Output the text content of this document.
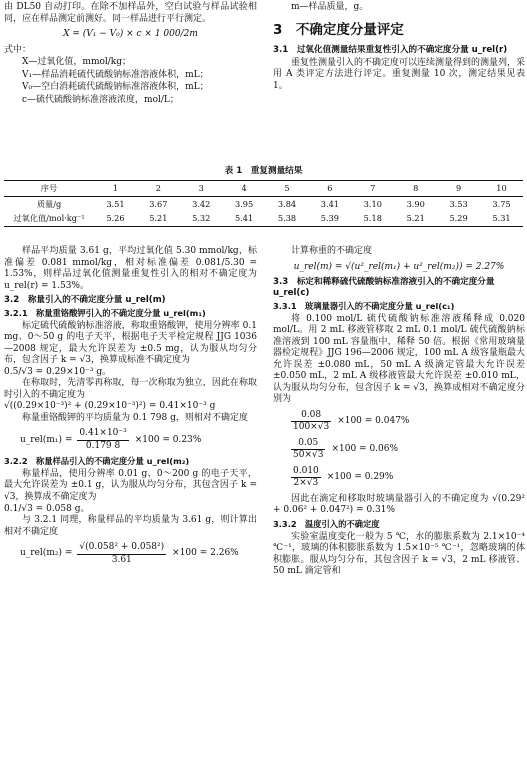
由 DL50 自动打印。在除不加样品外，空白试验与样品试验相同，应在样品测定前测好。同一样品进行平行测定。

X = (V₁ − V₀) × c × 1 000/2m

式中：

X—过氧化值，mmol/kg；

V₁—样品消耗硫代硫酸钠标准溶液体积，mL；

V₀—空白消耗硫代硫酸钠标准溶液体积，mL；

c—硫代硫酸钠标准溶液浓度，mol/L；

m—样品质量，g。

3　不确定度分量评定

3.1　过氧化值测量结果重复性引入的不确定度分量 u_rel(r)

重复性测量引入的不确定度可以连续测量得到的测量列，采用 A 类评定方法进行评定。重复测量 10 次，测定结果见表 1。

表 1　重复测量结果
序号	1	2	3	4	5	6	7	8	9	10
质量/g	3.51	3.67	3.42	3.95	3.84	3.41	3.10	3.90	3.53	3.75
过氧化值/mol·kg⁻¹	5.26	5.21	5.32	5.41	5.38	5.39	5.18	5.21	5.29	5.31

样品平均质量 3.61 g，平均过氧化值 5.30 mmol/kg，标准偏差 0.081 mmol/kg，相对标准偏差 0.081/5.30 = 1.53%，则样品过氧化值测量重复性引入的相对不确定度为 u_rel(r) = 1.53%。

3.2　称量引入的不确定度分量 u_rel(m)

3.2.1　称量重铬酸钾引入的不确定度分量 u_rel(m₁)

标定硫代硫酸钠标准溶液，称取重铬酸钾，使用分辨率 0.1 mg、0～50 g 的电子天平，根据电子天平检定规程 JJG 1036—2008 规定，最大允许误差为 ±0.5 mg，认为服从均匀分布，包含因子 k = √3，换算成标准不确定度为

0.5/√3 = 0.29×10⁻³ g。

在称取时，先清零再称取，每一次称取为独立，因此在称取时引入的不确定度为

√((0.29×10⁻³)² + (0.29×10⁻³)²) = 0.41×10⁻³ g

称量重铬酸钾的平均质量为 0.1 798 g，则相对不确定度

u_rel(m₁) = $\frac{\text{0.41×10⁻³}}{0.179 8} \times 100 = 0.23\%$

3.2.2　称量样品引入的不确定度分量 u_rel(m₂)

称量样品，使用分辨率 0.01 g、0～200 g 的电子天平，最大允许误差为 ±0.1 g，认为服从均匀分布，其包含因子 k = √3，换算成不确定度为

0.1/√3 = 0.058 g。

与 3.2.1 同理，称量样品的平均质量为 3.61 g，则计算出相对不确定度

u_rel(m₂) = $\frac{\text{√(0.058² + 0.058²)}}{3.61} \times 100 = 2.26\%$

计算称重的不确定度

u_rel(m) = √(u²_rel(m₁) + u²_rel(m₂)) = 2.27%

3.3　标定和稀释硫代硫酸钠标准溶液引入的不确定度分量 u_rel(c)

3.3.1　玻璃量器引入的不确定度分量 u_rel(c₁)

将 0.100 mol/L 硫代硫酸钠标准溶液稀释成 0.020 mol/L。用 2 mL 移液管移取 2 mL 0.1 mol/L 硫代硫酸钠标准溶液到 100 mL 容量瓶中，稀释 50 倍。根据《常用玻璃量器检定规程》JJG 196—2006 规定，100 mL A 级容量瓶最大允许误差 ±0.080 mL，50 mL A 级滴定管最大允许误差 ±0.050 mL，2 mL A 级移液管最大允许误差 ±0.010 mL，认为服从均匀分布，包含因子 k = √3，换算成相对不确定度分别为

$\frac{0.08}{100\times√3} \times 100 = 0.047\%$
$\frac{0.05}{50\times√3} \times 100 = 0.06\%$
$\frac{0.010}{2\times√3} \times 100 = 0.29\%$

因此在滴定和移取时玻璃量器引入的不确定度为 √(0.29² + 0.06² + 0.047²) = 0.31%

3.3.2　温度引入的不确定度

实验室温度变化一般为 5 ℃，水的膨胀系数为 2.1×10⁻⁴ ℃⁻¹，玻璃的体积膨胀系数为 1.5×10⁻⁵ ℃⁻¹，忽略玻璃的体积膨胀。服从均匀分布，其包含因子 k = √3，2 mL 移液管、50 mL 滴定管和
